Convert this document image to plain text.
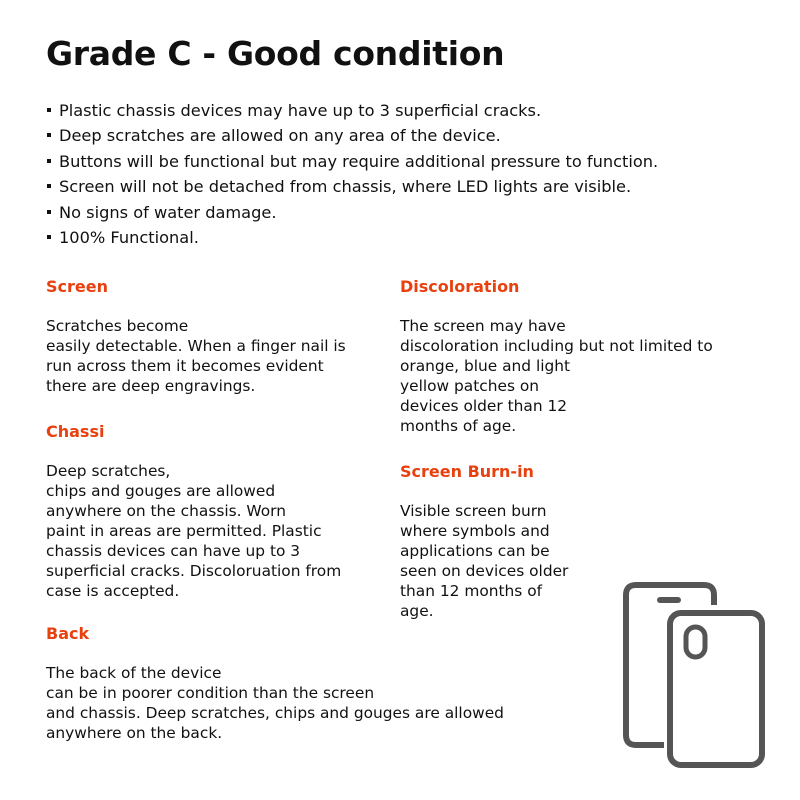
Grade C - Good condition
Plastic chassis devices may have up to 3 superficial cracks.
Deep scratches are allowed on any area of the device.
Buttons will be functional but may require additional pressure to function.
Screen will not be detached from chassis, where LED lights are visible.
No signs of water damage.
100% Functional.
Screen

Scratches become
easily detectable. When a finger nail is
run across them it becomes evident
there are deep engravings.

Chassi

Deep scratches,
chips and gouges are allowed
anywhere on the chassis. Worn
paint in areas are permitted. Plastic
chassis devices can have up to 3
superficial cracks. Discoloruation from
case is accepted.

Back

The back of the device
can be in poorer condition than the screen
and chassis. Deep scratches, chips and gouges are allowed
anywhere on the back.

Discoloration

The screen may have
discoloration including but not limited to
orange, blue and light
yellow patches on
devices older than 12
months of age.

Screen Burn-in

Visible screen burn
where symbols and
applications can be
seen on devices older
than 12 months of
age.
